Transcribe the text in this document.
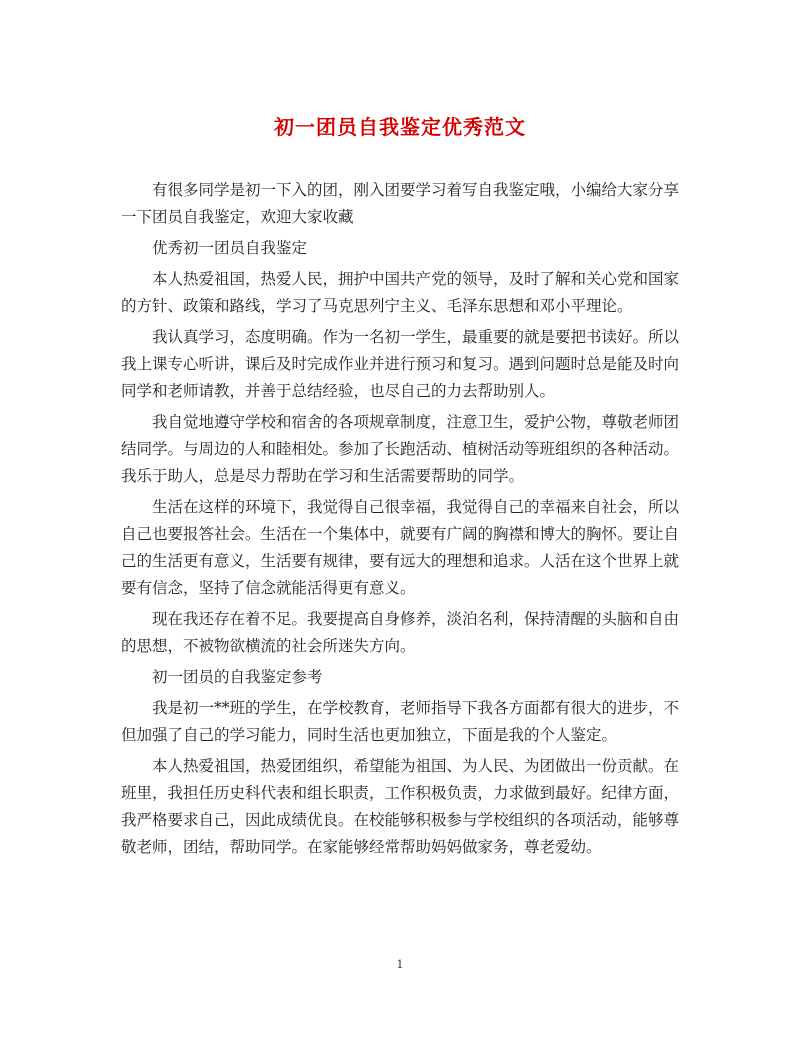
初一团员自我鉴定优秀范文

有很多同学是初一下入的团，刚入团要学习着写自我鉴定哦，小编给大家分享一下团员自我鉴定，欢迎大家收藏

优秀初一团员自我鉴定

本人热爱祖国，热爱人民，拥护中国共产党的领导，及时了解和关心党和国家的方针、政策和路线，学习了马克思列宁主义、毛泽东思想和邓小平理论。

我认真学习，态度明确。作为一名初一学生，最重要的就是要把书读好。所以我上课专心听讲，课后及时完成作业并进行预习和复习。遇到问题时总是能及时向同学和老师请教，并善于总结经验，也尽自己的力去帮助别人。

我自觉地遵守学校和宿舍的各项规章制度，注意卫生，爱护公物，尊敬老师团结同学。与周边的人和睦相处。参加了长跑活动、植树活动等班组织的各种活动。我乐于助人，总是尽力帮助在学习和生活需要帮助的同学。

生活在这样的环境下，我觉得自己很幸福，我觉得自己的幸福来自社会，所以自己也要报答社会。生活在一个集体中，就要有广阔的胸襟和博大的胸怀。要让自己的生活更有意义，生活要有规律，要有远大的理想和追求。人活在这个世界上就要有信念，坚持了信念就能活得更有意义。

现在我还存在着不足。我要提高自身修养，淡泊名利，保持清醒的头脑和自由的思想，不被物欲横流的社会所迷失方向。

初一团员的自我鉴定参考

我是初一**班的学生，在学校教育，老师指导下我各方面都有很大的进步，不但加强了自己的学习能力，同时生活也更加独立，下面是我的个人鉴定。

本人热爱祖国，热爱团组织，希望能为祖国、为人民、为团做出一份贡献。在班里，我担任历史科代表和组长职责，工作积极负责，力求做到最好。纪律方面，我严格要求自己，因此成绩优良。在校能够积极参与学校组织的各项活动，能够尊敬老师，团结，帮助同学。在家能够经常帮助妈妈做家务，尊老爱幼。

1
